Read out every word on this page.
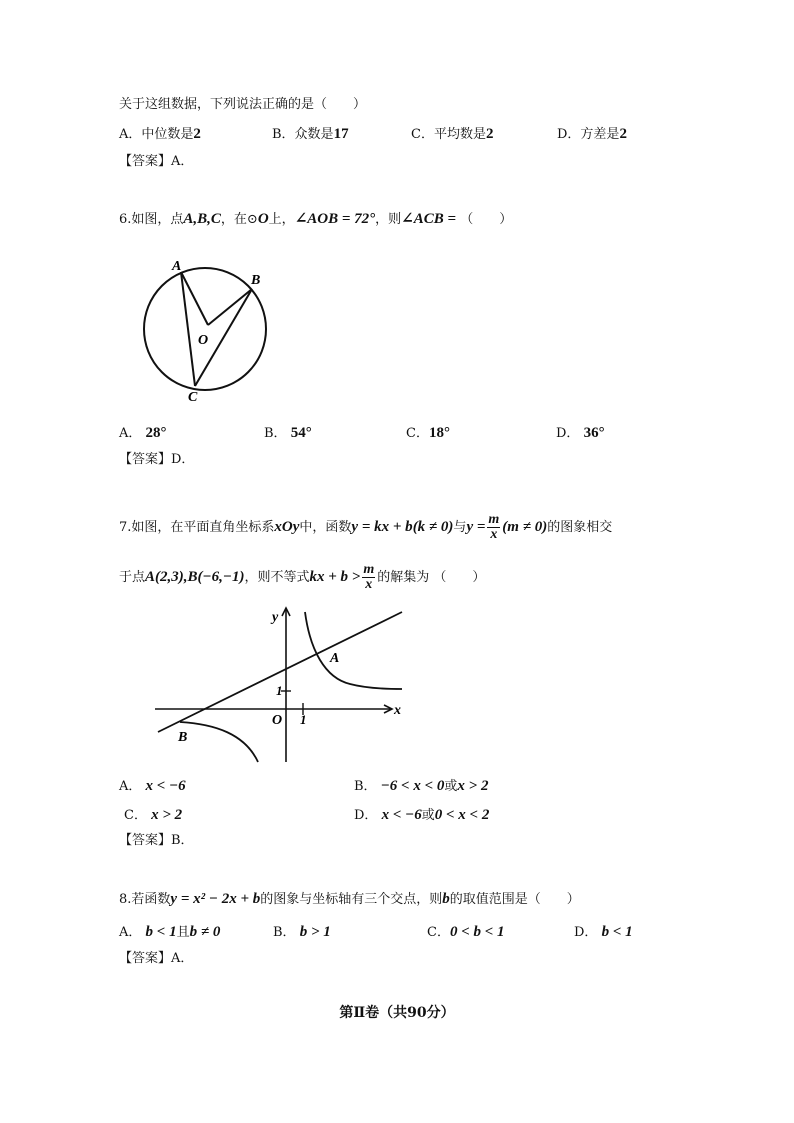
关于这组数据，下列说法正确的是（　　）
A．中位数是2	B．众数是17	C．平均数是2	D．方差是2
【答案】A．
6.如图，点A,B,C，在⊙O上，∠AOB = 72°，则∠ACB = （　　）
A
B
O
C
A． 28°	B． 54°	C．18°	D． 36°
【答案】D．
7.如图，在平面直角坐标系xOy中，函数y = kx + b(k ≠ 0)与$y = \frac{m}{x} (m \ne 0)$的图象相交
于点A(2,3),B(−6,−1)，则不等式kx + $b > \frac{m}{x}$ 的解集为 （　　）
y
x
O 1
1
A
B
A． x < −6	B． −6 < x < 0或x > 2
C． x > 2	D． x < −6或0 < x < 2
【答案】B．
8.若函数y = x² − 2x + b的图象与坐标轴有三个交点，则b的取值范围是（　　）
A． b < 1且b ≠ 0	B． b > 1	C．0 < b < 1	D． b < 1
【答案】A．
第Ⅱ卷（共90分）
